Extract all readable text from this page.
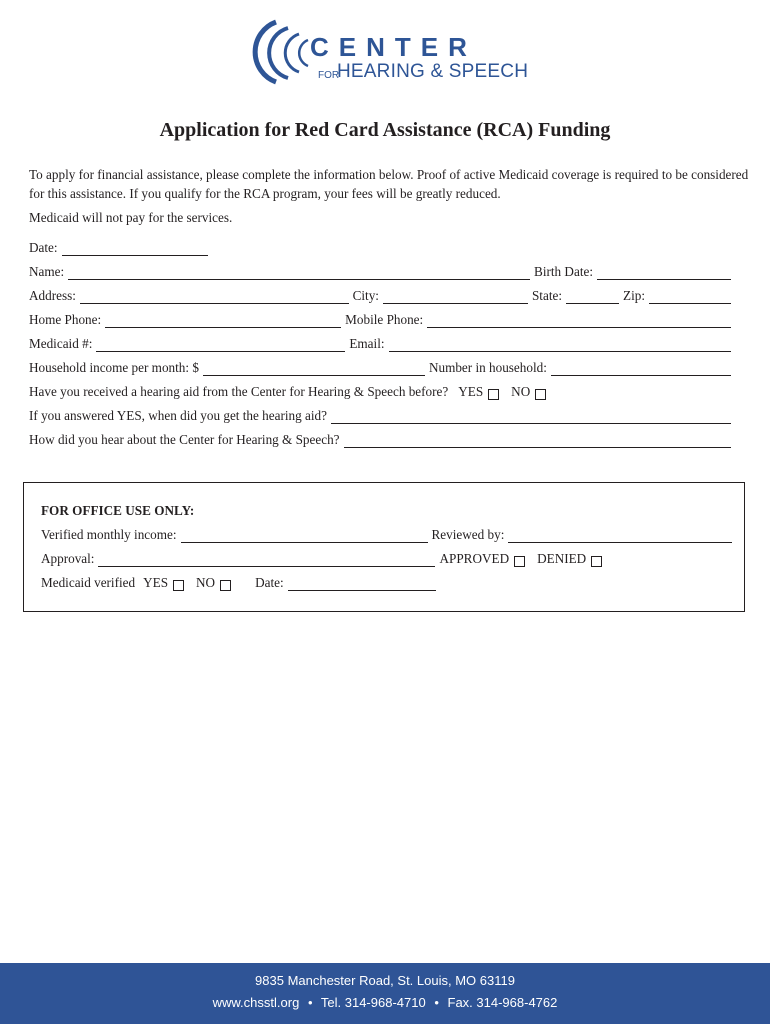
CENTER
FOR
HEARING & SPEECH
Application for Red Card Assistance (RCA) Funding
To apply for financial assistance, please complete the information below. Proof of active Medicaid coverage is required to be considered for this assistance. If you qualify for the RCA program, your fees will be greatly reduced.
Medicaid will not pay for the services.
Date:
Name:	Birth Date:
Address:	City:	State:	Zip:
Home Phone:	Mobile Phone:
Medicaid #:	Email:
Household income per month: $	Number in household:
Have you received a hearing aid from the Center for Hearing & Speech before? YES NO
If you answered YES, when did you get the hearing aid?
How did you hear about the Center for Hearing & Speech?
FOR OFFICE USE ONLY:
Verified monthly income:	Reviewed by:
Approval:	APPROVED DENIED
Medicaid verified YES NO	Date:
9835 Manchester Road, St. Louis, MO 63119
www.chsstl.org • Tel. 314-968-4710 • Fax. 314-968-4762
